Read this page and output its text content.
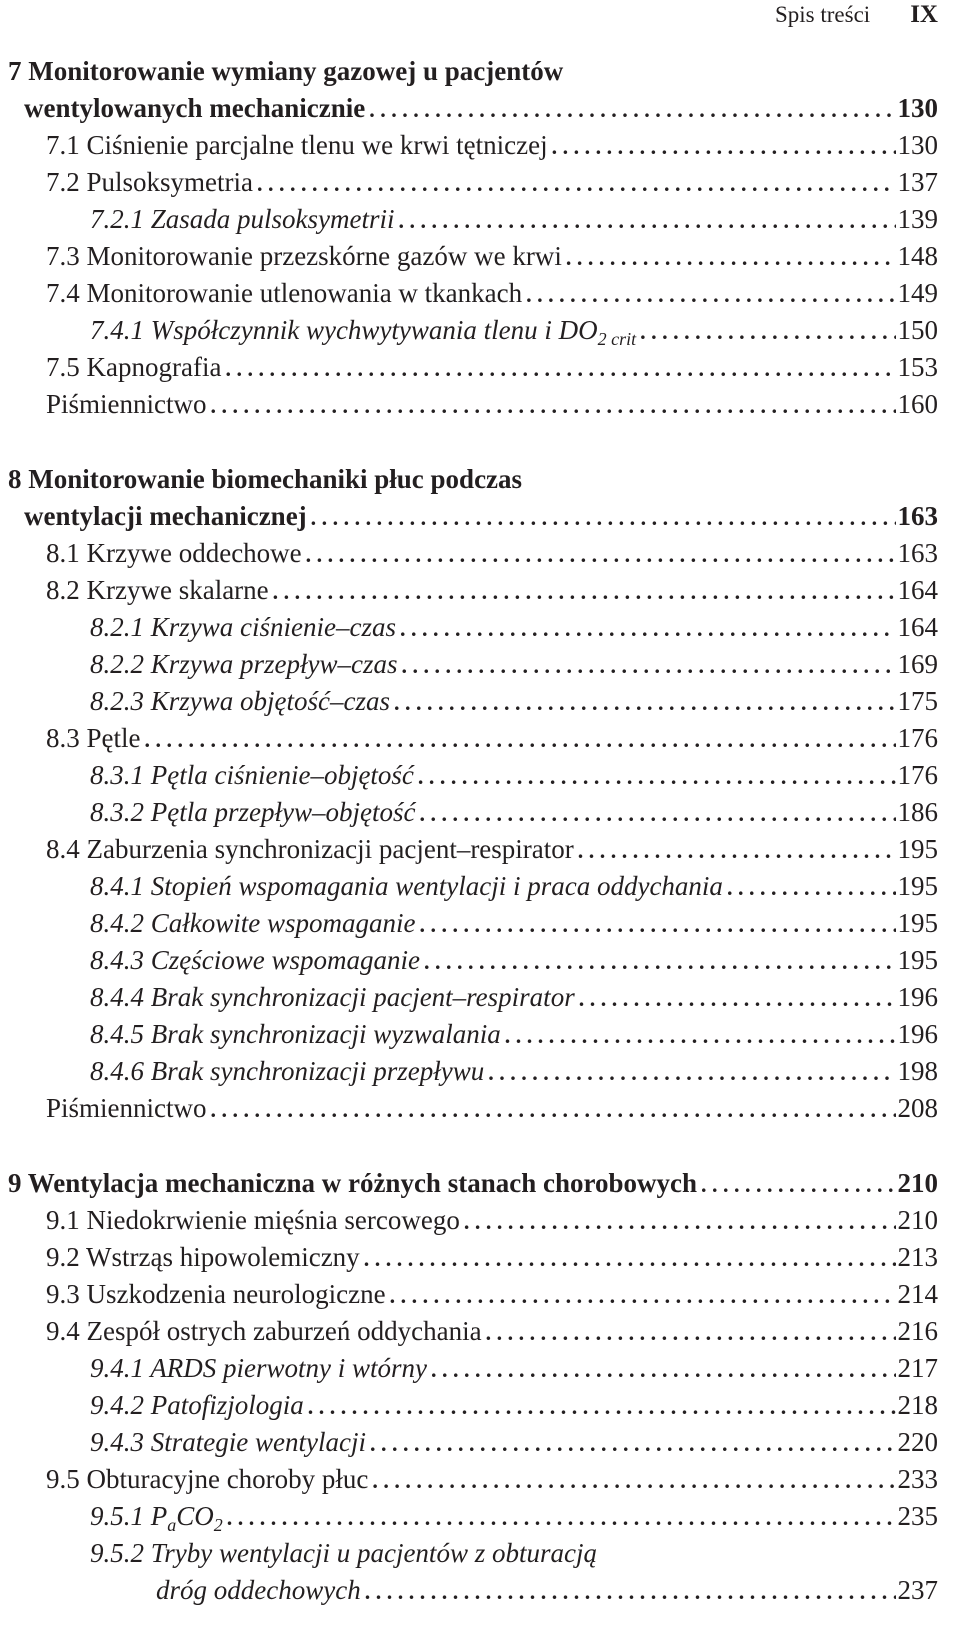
Spis treści IX
7 Monitorowanie wymiany gazowej u pacjentów
wentylowanych mechanicznie . . .	130
7.1 Ciśnienie parcjalne tlenu we krwi tętniczej . . .	130
7.2 Pulsoksymetria . . .	137
7.2.1 Zasada pulsoksymetrii . . .	139
7.3 Monitorowanie przezskórne gazów we krwi . . .	148
7.4 Monitorowanie utlenowania w tkankach . . .	149
7.4.1 Współczynnik wychwytywania tlenu i $DO_{2 crit}$ . . .	150
7.5 Kapnografia . . .	153
Piśmiennictwo . . .	160
8 Monitorowanie biomechaniki płuc podczas
wentylacji mechanicznej . . .	163
8.1 Krzywe oddechowe . . .	163
8.2 Krzywe skalarne . . .	164
8.2.1 Krzywa ciśnienie–czas . . .	164
8.2.2 Krzywa przepływ–czas . . .	169
8.2.3 Krzywa objętość–czas . . .	175
8.3 Pętle . . .	176
8.3.1 Pętla ciśnienie–objętość . . .	176
8.3.2 Pętla przepływ–objętość . . .	186
8.4 Zaburzenia synchronizacji pacjent–respirator . . .	195
8.4.1 Stopień wspomagania wentylacji i praca oddychania . . .	195
8.4.2 Całkowite wspomaganie . . .	195
8.4.3 Częściowe wspomaganie . . .	195
8.4.4 Brak synchronizacji pacjent–respirator . . .	196
8.4.5 Brak synchronizacji wyzwalania . . .	196
8.4.6 Brak synchronizacji przepływu . . .	198
Piśmiennictwo . . .	208
9 Wentylacja mechaniczna w różnych stanach chorobowych . . .	210
9.1 Niedokrwienie mięśnia sercowego . . .	210
9.2 Wstrząs hipowolemiczny . . .	213
9.3 Uszkodzenia neurologiczne . . .	214
9.4 Zespół ostrych zaburzeń oddychania . . .	216
9.4.1 ARDS pierwotny i wtórny . . .	217
9.4.2 Patofizjologia . . .	218
9.4.3 Strategie wentylacji . . .	220
9.5 Obturacyjne choroby płuc . . .	233
9.5.1 $P_aCO_2$ . . .	235
9.5.2 Tryby wentylacji u pacjentów z obturacją
dróg oddechowych . . .	237
